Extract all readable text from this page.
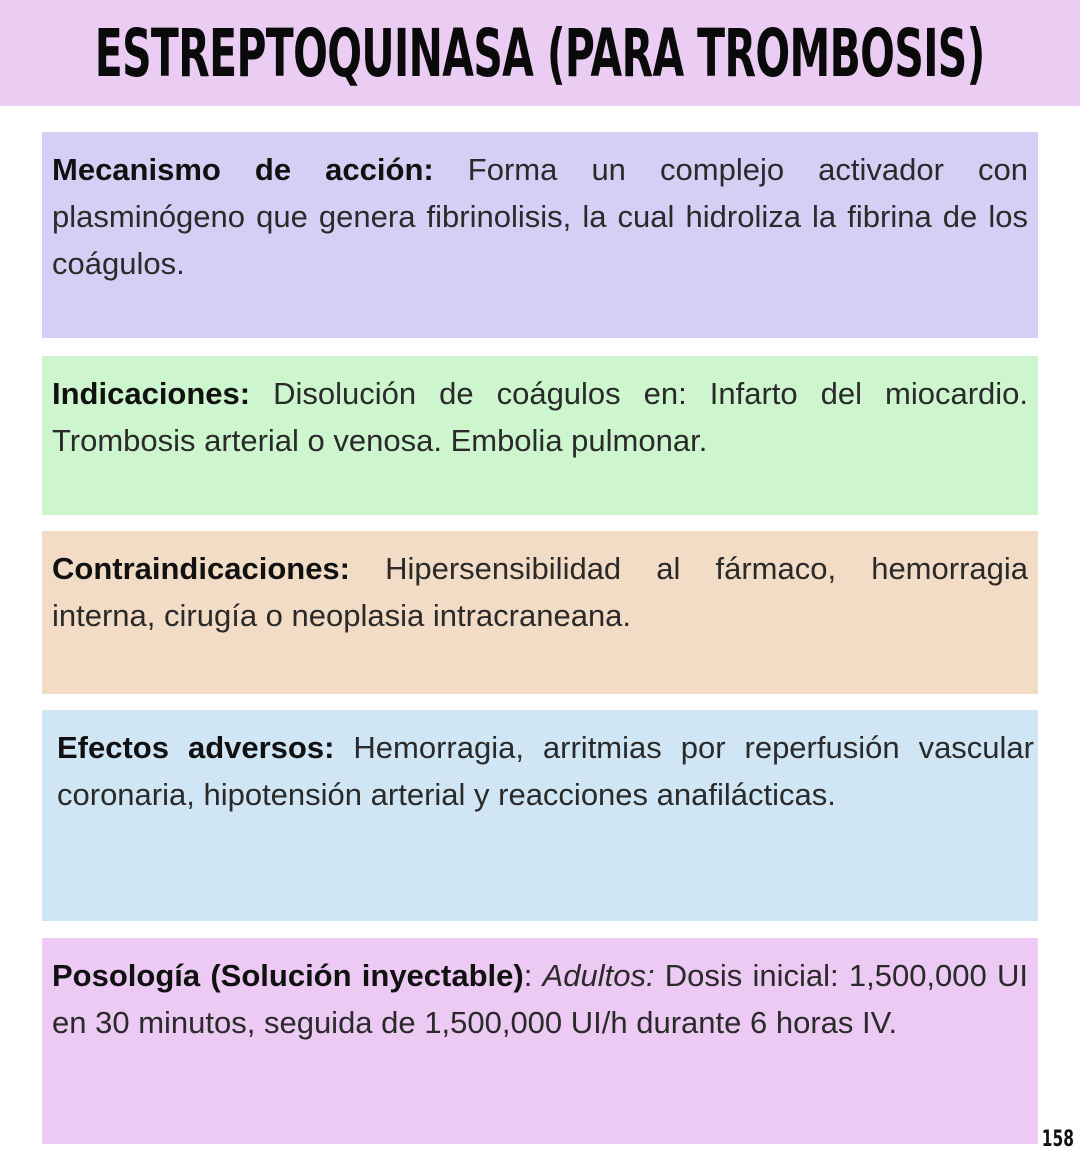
ESTREPTOQUINASA (PARA TROMBOSIS)
Mecanismo de acción: Forma un complejo activador con plasminógeno que genera fibrinolisis, la cual hidroliza la fibrina de los coágulos.
Indicaciones: Disolución de coágulos en: Infarto del miocardio. Trombosis arterial o venosa. Embolia pulmonar.
Contraindicaciones: Hipersensibilidad al fármaco, hemorragia interna, cirugía o neoplasia intracraneana.
Efectos adversos: Hemorragia, arritmias por reperfusión vascular coronaria, hipotensión arterial y reacciones anafilácticas.
Posología (Solución inyectable): Adultos: Dosis inicial: 1,500,000 UI en 30 minutos, seguida de 1,500,000 UI/h durante 6 horas IV.
158
